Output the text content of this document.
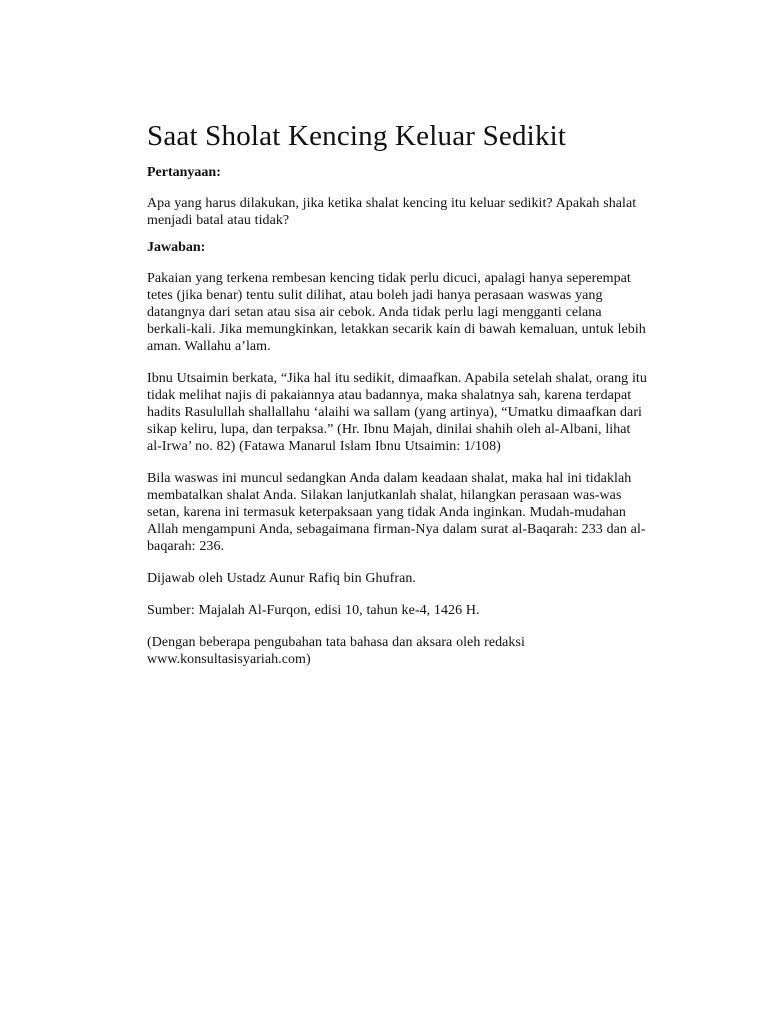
Saat Sholat Kencing Keluar Sedikit

Pertanyaan:

Apa yang harus dilakukan, jika ketika shalat kencing itu keluar sedikit? Apakah shalat menjadi batal atau tidak?

Jawaban:

Pakaian yang terkena rembesan kencing tidak perlu dicuci, apalagi hanya seperempat tetes (jika benar) tentu sulit dilihat, atau boleh jadi hanya perasaan waswas yang datangnya dari setan atau sisa air cebok. Anda tidak perlu lagi mengganti celana berkali-kali. Jika memungkinkan, letakkan secarik kain di bawah kemaluan, untuk lebih aman. Wallahu a’lam.

Ibnu Utsaimin berkata, “Jika hal itu sedikit, dimaafkan. Apabila setelah shalat, orang itu tidak melihat najis di pakaiannya atau badannya, maka shalatnya sah, karena terdapat hadits Rasulullah shallallahu ‘alaihi wa sallam (yang artinya), “Umatku dimaafkan dari sikap keliru, lupa, dan terpaksa.” (Hr. Ibnu Majah, dinilai shahih oleh al-Albani, lihat al-Irwa’ no. 82) (Fatawa Manarul Islam Ibnu Utsaimin: 1/108)

Bila waswas ini muncul sedangkan Anda dalam keadaan shalat, maka hal ini tidaklah membatalkan shalat Anda. Silakan lanjutkanlah shalat, hilangkan perasaan was-was setan, karena ini termasuk keterpaksaan yang tidak Anda inginkan. Mudah-mudahan Allah mengampuni Anda, sebagaimana firman-Nya dalam surat al-Baqarah: 233 dan al-baqarah: 236.

Dijawab oleh Ustadz Aunur Rafiq bin Ghufran.

Sumber: Majalah Al-Furqon, edisi 10, tahun ke-4, 1426 H.

(Dengan beberapa pengubahan tata bahasa dan aksara oleh redaksi www.konsultasisyariah.com)
